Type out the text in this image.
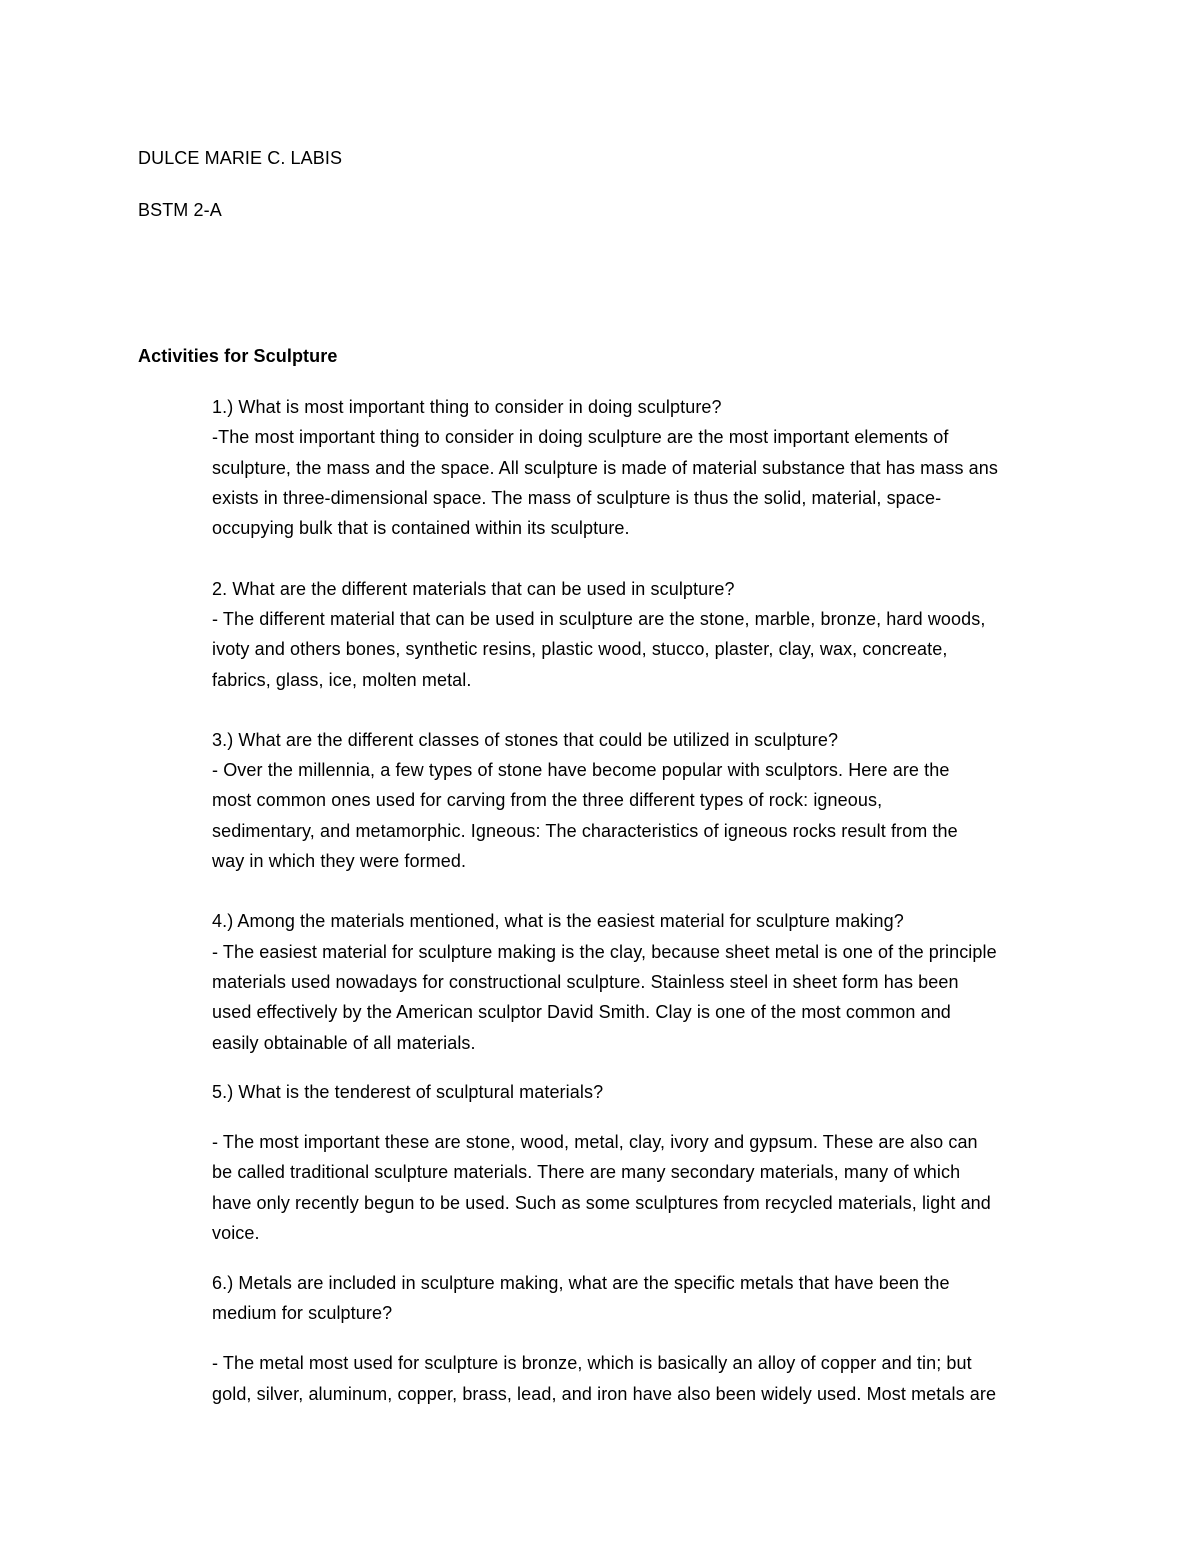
DULCE MARIE C. LABIS
BSTM 2-A
Activities for Sculpture
1.) What is most important thing to consider in doing sculpture?
-The most important thing to consider in doing sculpture are the most important elements of
sculpture, the mass and the space. All sculpture is made of material substance that has mass ans
exists in three-dimensional space. The mass of sculpture is thus the solid, material, space-
occupying bulk that is contained within its sculpture.
2. What are the different materials that can be used in sculpture?
- The different material that can be used in sculpture are the stone, marble, bronze, hard woods,
ivoty and others bones, synthetic resins, plastic wood, stucco, plaster, clay, wax, concreate,
fabrics, glass, ice, molten metal.
3.) What are the different classes of stones that could be utilized in sculpture?
- Over the millennia, a few types of stone have become popular with sculptors. Here are the
most common ones used for carving from the three different types of rock: igneous,
sedimentary, and metamorphic. Igneous: The characteristics of igneous rocks result from the
way in which they were formed.
4.) Among the materials mentioned, what is the easiest material for sculpture making?
- The easiest material for sculpture making is the clay, because sheet metal is one of the principle
materials used nowadays for constructional sculpture. Stainless steel in sheet form has been
used effectively by the American sculptor David Smith. Clay is one of the most common and
easily obtainable of all materials.
5.) What is the tenderest of sculptural materials?
- The most important these are stone, wood, metal, clay, ivory and gypsum. These are also can
be called traditional sculpture materials. There are many secondary materials, many of which
have only recently begun to be used. Such as some sculptures from recycled materials, light and
voice.
6.) Metals are included in sculpture making, what are the specific metals that have been the
medium for sculpture?
- The metal most used for sculpture is bronze, which is basically an alloy of copper and tin; but
gold, silver, aluminum, copper, brass, lead, and iron have also been widely used. Most metals are
